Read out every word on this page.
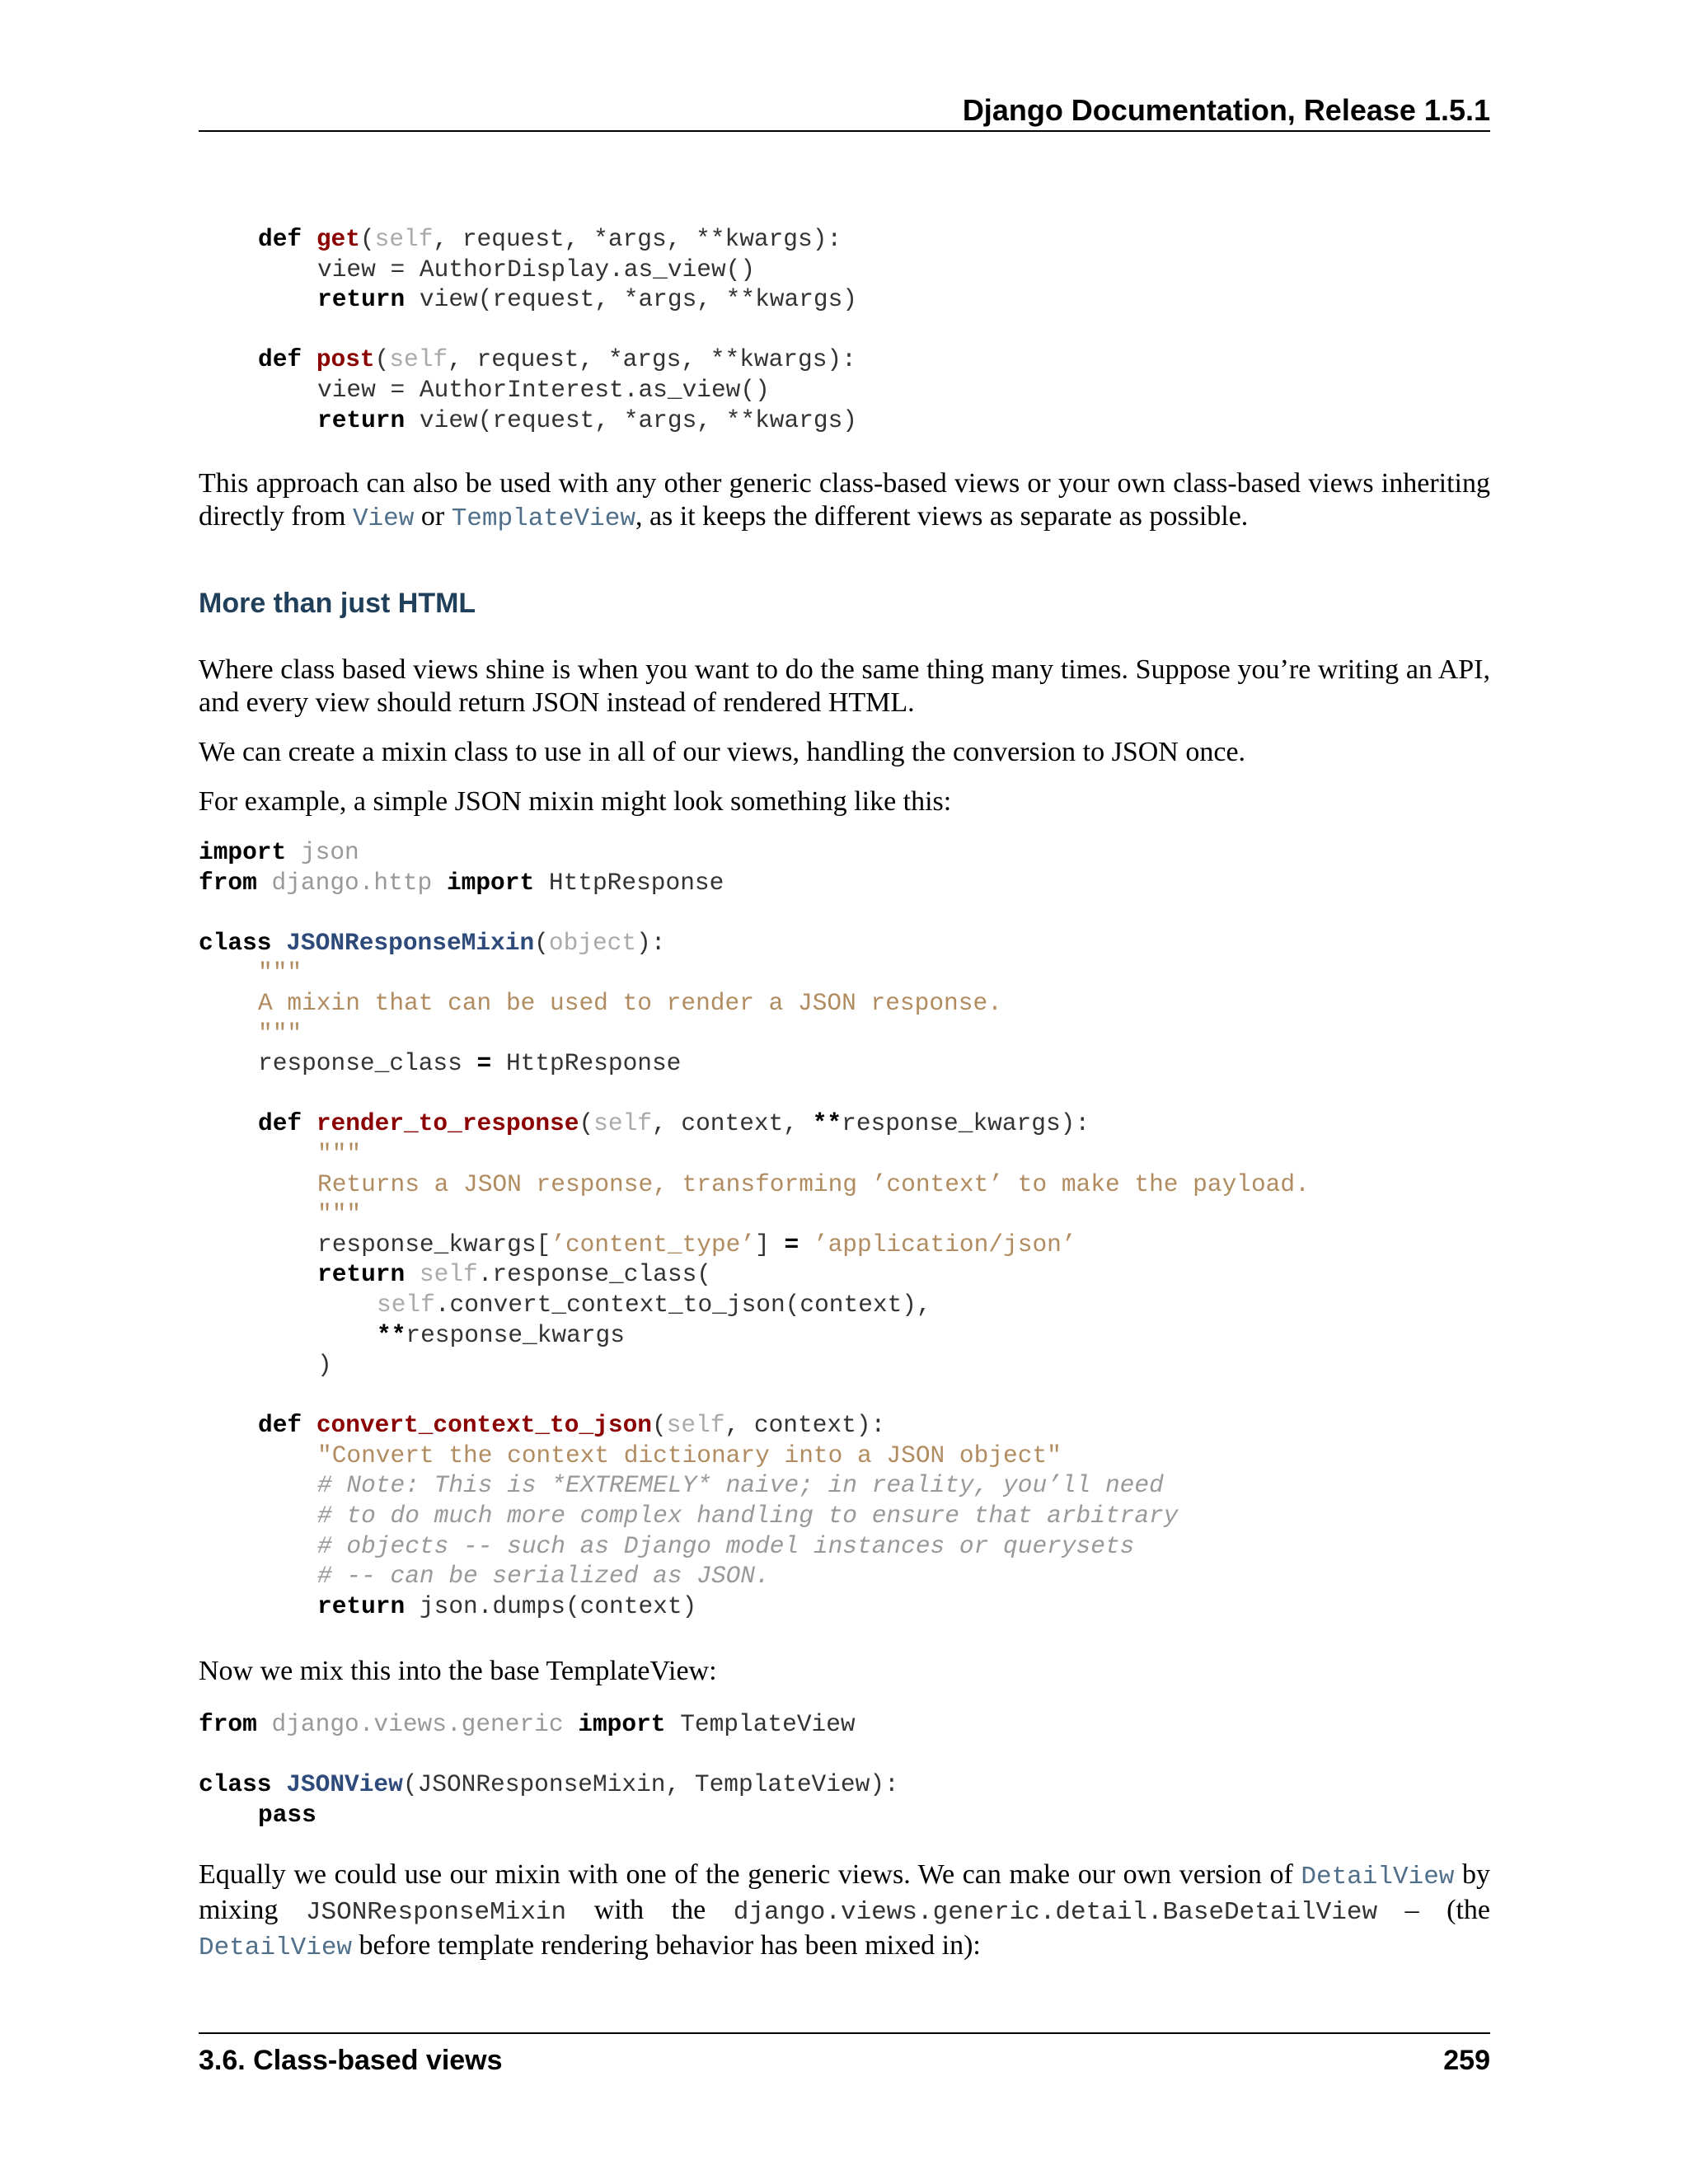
Django Documentation, Release 1.5.1
def get(self, request, *args, **kwargs):
view = AuthorDisplay.as_view()
return view(request, *args, **kwargs)
def post(self, request, *args, **kwargs):
view = AuthorInterest.as_view()
return view(request, *args, **kwargs)

This approach can also be used with any other generic class-based views or your own class-based views inheriting directly from View or TemplateView, as it keeps the different views as separate as possible.

More than just HTML

Where class based views shine is when you want to do the same thing many times. Suppose you’re writing an API, and every view should return JSON instead of rendered HTML.

We can create a mixin class to use in all of our views, handling the conversion to JSON once.

For example, a simple JSON mixin might look something like this:

import json
from django.http import HttpResponse
class JSONResponseMixin(object):
"""
A mixin that can be used to render a JSON response.
"""
response_class = HttpResponse
def render_to_response(self, context, **response_kwargs):
"""
Returns a JSON response, transforming ’context’ to make the payload.
"""
response_kwargs[’content_type’] = ’application/json’
return self.response_class(
self.convert_context_to_json(context),
**response_kwargs
)
def convert_context_to_json(self, context):
"Convert the context dictionary into a JSON object"
# Note: This is *EXTREMELY* naive; in reality, you’ll need
# to do much more complex handling to ensure that arbitrary
# objects -- such as Django model instances or querysets
# -- can be serialized as JSON.
return json.dumps(context)

Now we mix this into the base TemplateView:

from django.views.generic import TemplateView
class JSONView(JSONResponseMixin, TemplateView):
pass

Equally we could use our mixin with one of the generic views. We can make our own version of DetailView by mixing JSONResponseMixin with the django.views.generic.detail.BaseDetailView – (the DetailView before template rendering behavior has been mixed in):

3.6. Class-based views	259
